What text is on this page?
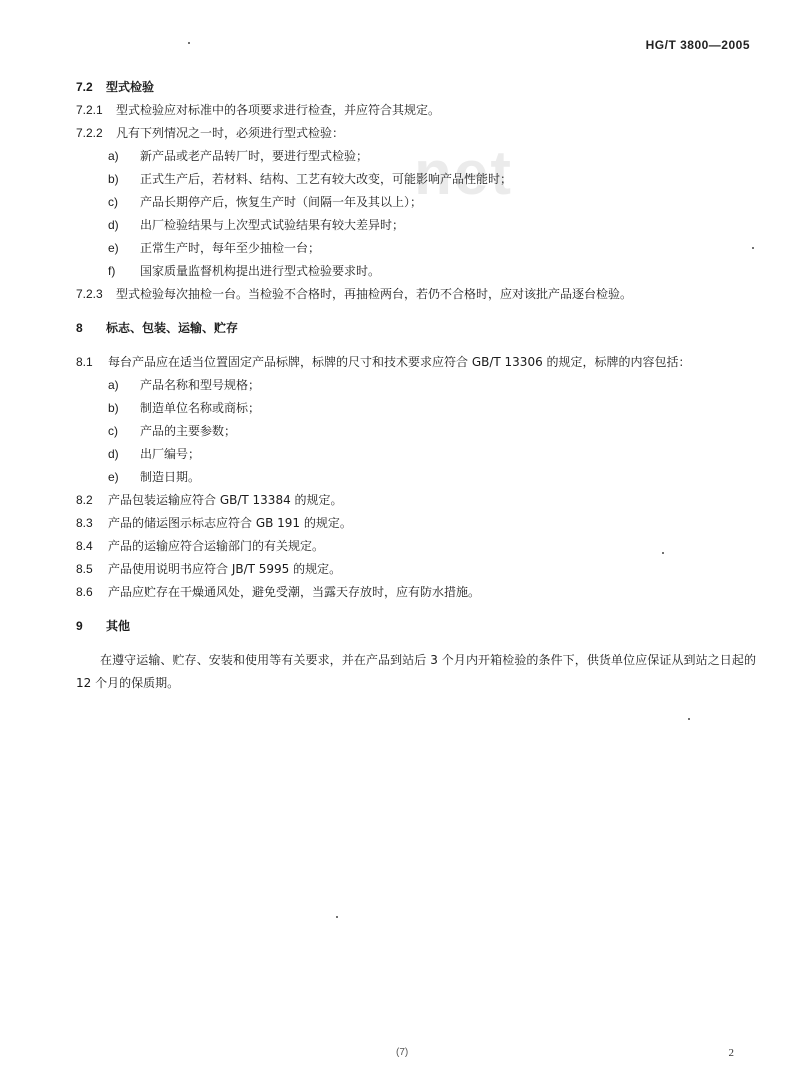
HG/T 3800—2005
net
7.2	型式检验
7.2.1	型式检验应对标准中的各项要求进行检查，并应符合其规定。
7.2.2	凡有下列情况之一时，必须进行型式检验：
a)	新产品或老产品转厂时，要进行型式检验；
b)	正式生产后，若材料、结构、工艺有较大改变，可能影响产品性能时；
c)	产品长期停产后，恢复生产时（间隔一年及其以上）；
d)	出厂检验结果与上次型式试验结果有较大差异时；
e)	正常生产时，每年至少抽检一台；
f)	国家质量监督机构提出进行型式检验要求时。
7.2.3 型式检验每次抽检一台。当检验不合格时，再抽检两台，若仍不合格时，应对该批产品逐台检验。
8	标志、包装、运输、贮存
8.1 每台产品应在适当位置固定产品标牌，标牌的尺寸和技术要求应符合 GB/T 13306 的规定，标牌的内容包括：
a)	产品名称和型号规格；
b)	制造单位名称或商标；
c)	产品的主要参数；
d)	出厂编号；
e)	制造日期。
8.2	产品包装运输应符合 GB/T 13384 的规定。
8.3	产品的储运图示标志应符合 GB 191 的规定。
8.4	产品的运输应符合运输部门的有关规定。
8.5	产品使用说明书应符合 JB/T 5995 的规定。
8.6	产品应贮存在干燥通风处，避免受潮，当露天存放时，应有防水措施。
9	其他
在遵守运输、贮存、安装和使用等有关要求，并在产品到站后 3 个月内开箱检验的条件下，供货单位应保证从到站之日起的 12 个月的保质期。
(7)	2
